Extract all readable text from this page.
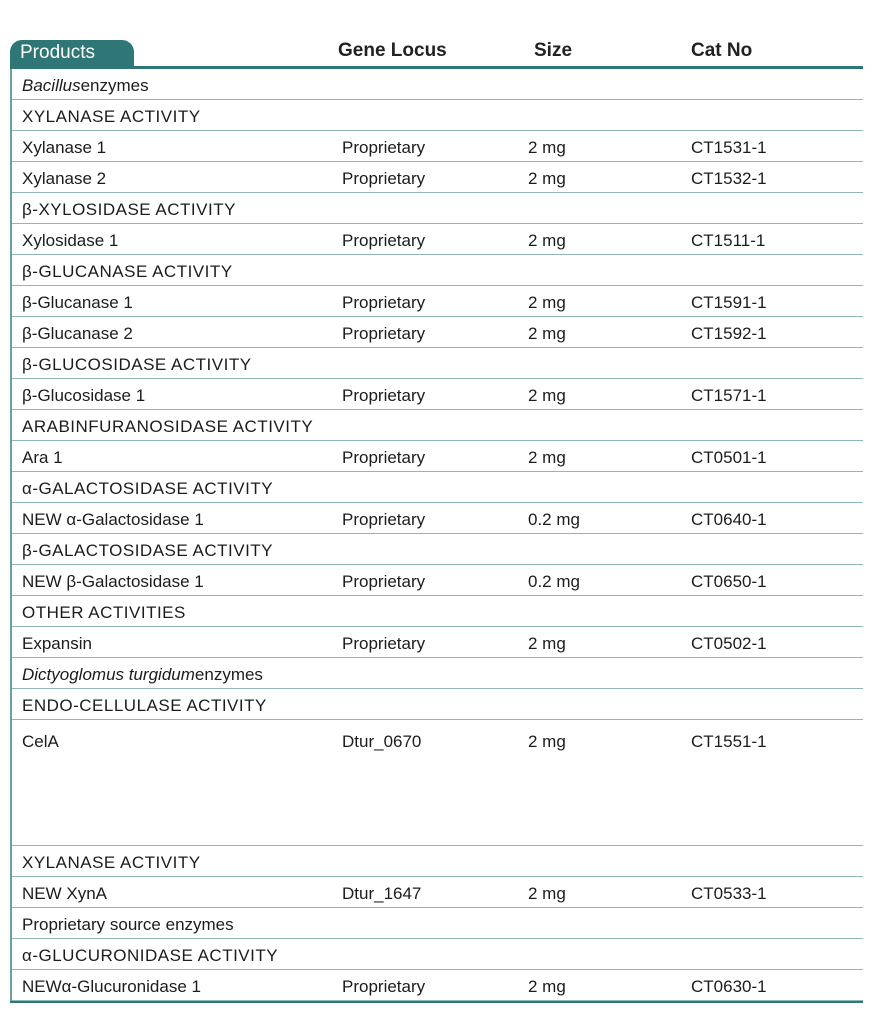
Products	Gene Locus	Size	Cat No
Bacillusenzymes
XYLANASE ACTIVITY
Xylanase 1	Proprietary	2 mg	CT1531-1
Xylanase 2	Proprietary	2 mg	CT1532-1
β-XYLOSIDASE ACTIVITY
Xylosidase 1	Proprietary	2 mg	CT1511-1
β-GLUCANASE ACTIVITY
β-Glucanase 1	Proprietary	2 mg	CT1591-1
β-Glucanase 2	Proprietary	2 mg	CT1592-1
β-GLUCOSIDASE ACTIVITY
β-Glucosidase 1	Proprietary	2 mg	CT1571-1
ARABINFURANOSIDASE ACTIVITY
Ara 1	Proprietary	2 mg	CT0501-1
α-GALACTOSIDASE ACTIVITY
NEW α-Galactosidase 1	Proprietary	0.2 mg	CT0640-1
β-GALACTOSIDASE ACTIVITY
NEW β-Galactosidase 1	Proprietary	0.2 mg	CT0650-1
OTHER ACTIVITIES
Expansin	Proprietary	2 mg	CT0502-1
Dictyoglomus turgidumenzymes
ENDO-CELLULASE ACTIVITY
CelA	Dtur_0670	2 mg	CT1551-1
XYLANASE ACTIVITY
NEW XynA	Dtur_1647	2 mg	CT0533-1
Proprietary source enzymes
α-GLUCURONIDASE ACTIVITY
NEWα-Glucuronidase 1	Proprietary	2 mg	CT0630-1
